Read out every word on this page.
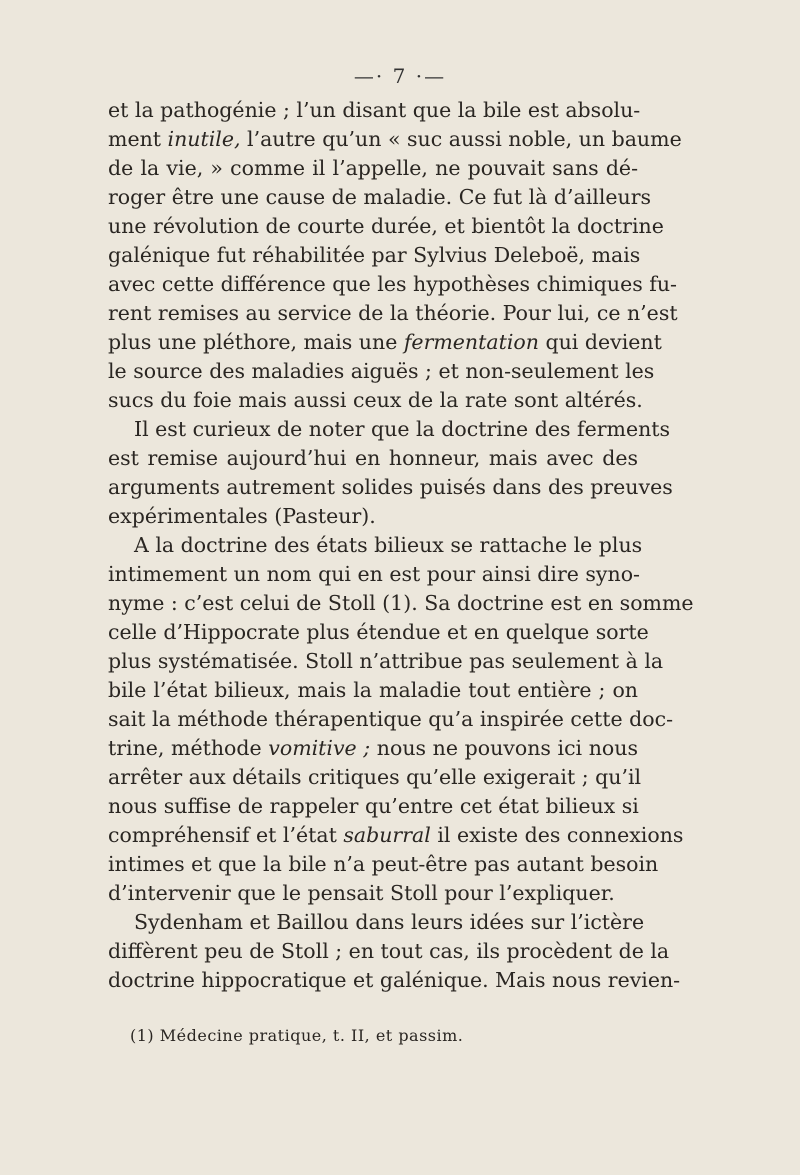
—· 7 ·—
et la pathogénie ; l’un disant que la bile est absolu-
ment inutile, l’autre qu’un « suc aussi noble, un baume
de la vie, » comme il l’appelle, ne pouvait sans dé-
roger être une cause de maladie. Ce fut là d’ailleurs
une révolution de courte durée, et bientôt la doctrine
galénique fut réhabilitée par Sylvius Deleboë, mais
avec cette différence que les hypothèses chimiques fu-
rent remises au service de la théorie. Pour lui, ce n’est
plus une pléthore, mais une fermentation qui devient
le source des maladies aiguës ; et non-seulement les
sucs du foie mais aussi ceux de la rate sont altérés.
Il est curieux de noter que la doctrine des ferments
est remise aujourd’hui en honneur, mais avec des
arguments autrement solides puisés dans des preuves
expérimentales (Pasteur).
A la doctrine des états bilieux se rattache le plus
intimement un nom qui en est pour ainsi dire syno-
nyme : c’est celui de Stoll (1). Sa doctrine est en somme
celle d’Hippocrate plus étendue et en quelque sorte
plus systématisée. Stoll n’attribue pas seulement à la
bile l’état bilieux, mais la maladie tout entière ; on
sait la méthode thérapentique qu’a inspirée cette doc-
trine, méthode vomitive ; nous ne pouvons ici nous
arrêter aux détails critiques qu’elle exigerait ; qu’il
nous suffise de rappeler qu’entre cet état bilieux si
compréhensif et l’état saburral il existe des connexions
intimes et que la bile n’a peut-être pas autant besoin
d’intervenir que le pensait Stoll pour l’expliquer.
Sydenham et Baillou dans leurs idées sur l’ictère
diffèrent peu de Stoll ; en tout cas, ils procèdent de la
doctrine hippocratique et galénique. Mais nous revien-
(1) Médecine pratique, t. II, et passim.
